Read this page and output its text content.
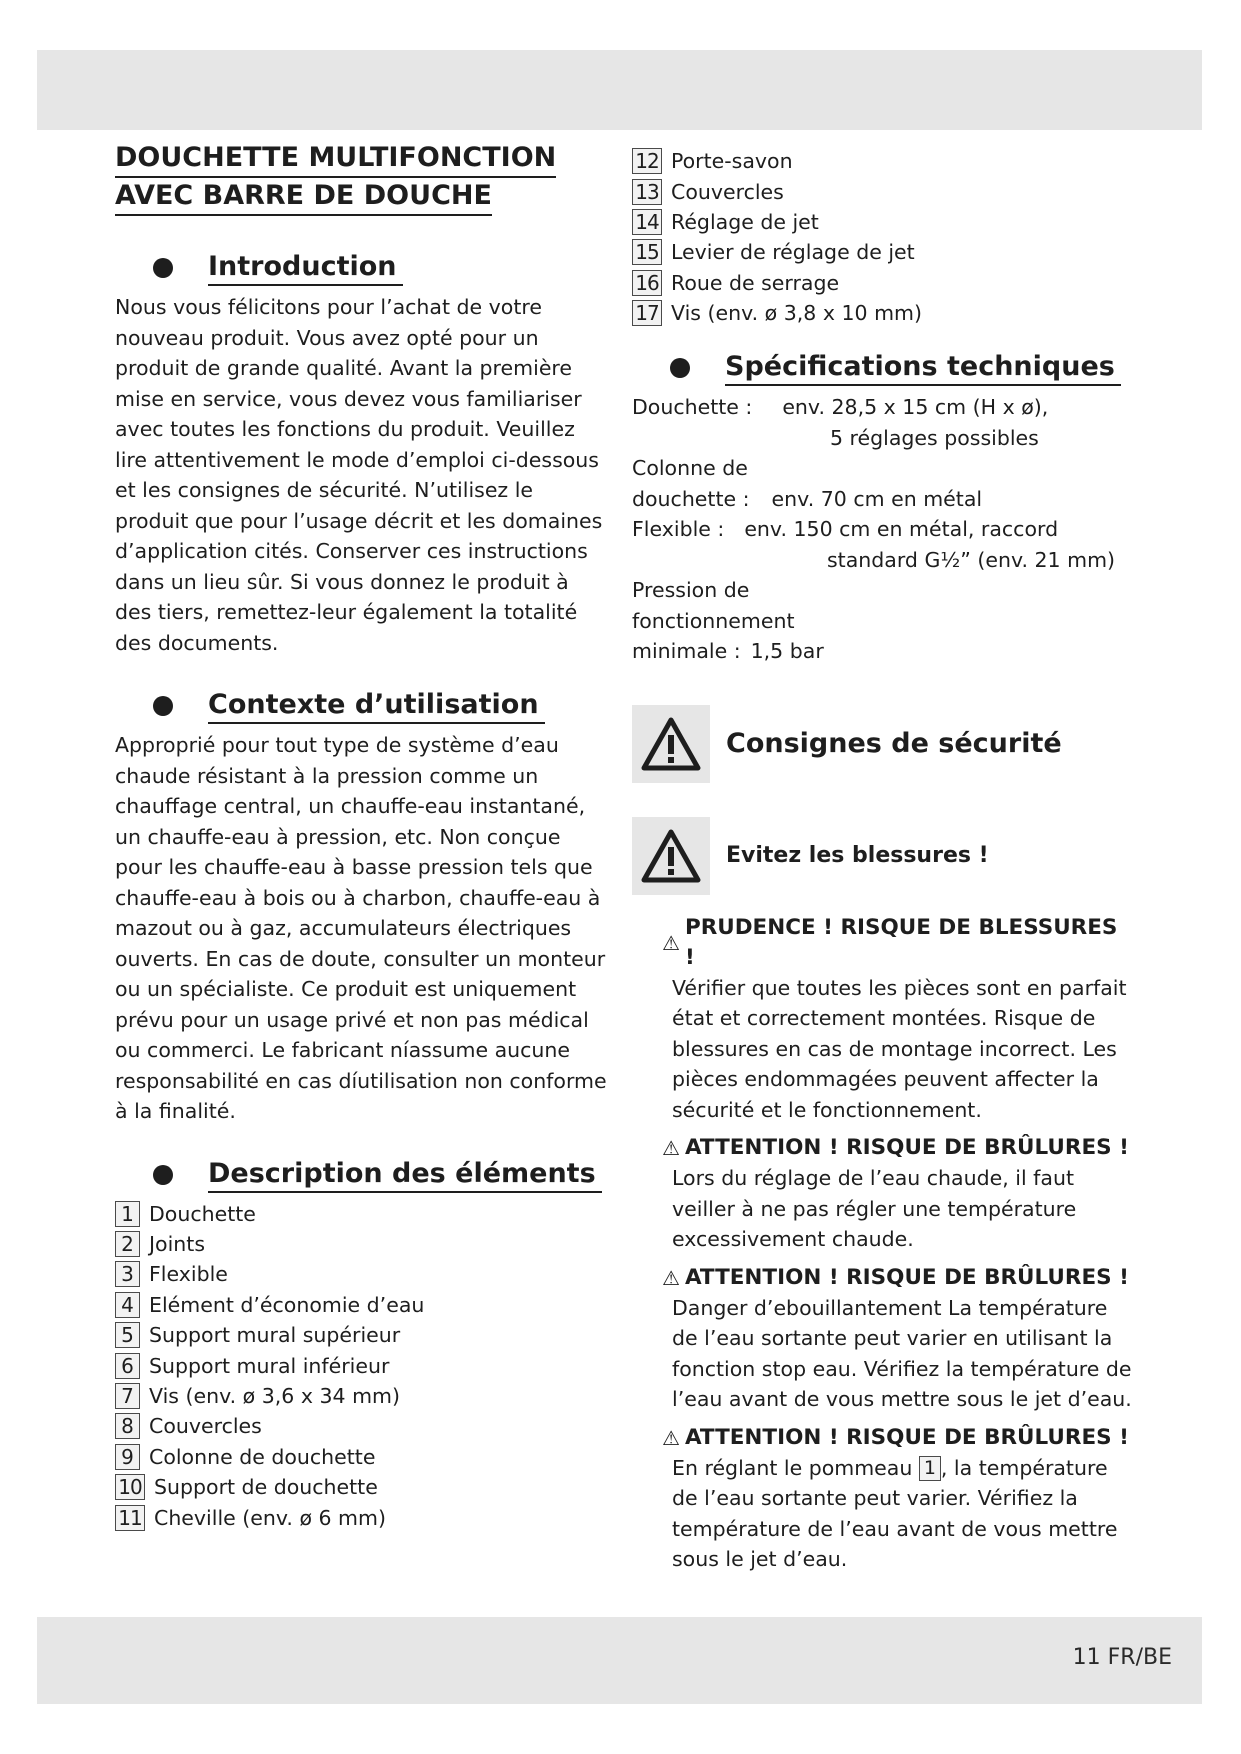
DOUCHETTE MULTIFONCTION
AVEC BARRE DE DOUCHE
Introduction

Nous vous félicitons pour l’achat de votre nouveau produit. Vous avez opté pour un produit de grande qualité. Avant la première mise en service, vous devez vous familiariser avec toutes les fonctions du produit. Veuillez lire attentivement le mode d’emploi ci-dessous et les consignes de sécurité. N’utilisez le produit que pour l’usage décrit et les domaines d’application cités. Conserver ces instructions dans un lieu sûr. Si vous donnez le produit à des tiers, remettez-leur également la totalité des documents.

Contexte d’utilisation

Approprié pour tout type de système d’eau chaude résistant à la pression comme un chauffage central, un chauffe-eau instantané, un chauffe-eau à pression, etc. Non conçue pour les chauffe-eau à basse pression tels que chauffe-eau à bois ou à charbon, chauffe-eau à mazout ou à gaz, accumulateurs électriques ouverts. En cas de doute, consulter un monteur ou un spécialiste. Ce produit est uniquement prévu pour un usage privé et non pas médical ou commerci. Le fabricant níassume aucune responsabilité en cas díutilisation non conforme à la finalité.

Description des éléments
1 Douchette
2 Joints
3 Flexible
4 Elément d’économie d’eau
5 Support mural supérieur
6 Support mural inférieur
7 Vis (env. ø 3,6 x 34 mm)
8 Couvercles
9 Colonne de douchette
10 Support de douchette
11 Cheville (env. ø 6 mm)
12 Porte-savon
13 Couvercles
14 Réglage de jet
15 Levier de réglage de jet
16 Roue de serrage
17 Vis (env. ø 3,8 x 10 mm)
Spécifications techniques
Douchette : env. 28,5 x 15 cm (H x ø),
5 réglages possibles
Colonne de
douchette : env. 70 cm en métal
Flexible : env. 150 cm en métal, raccord
standard G½” (env. 21 mm)
Pression de
fonctionnement
minimale : 1,5 bar
Consignes de sécurité
Evitez les blessures !
⚠
PRUDENCE ! RISQUE DE BLESSURES !

Vérifier que toutes les pièces sont en parfait état et correctement montées. Risque de blessures en cas de montage incorrect. Les pièces endommagées peuvent affecter la sécurité et le fonctionnement.

⚠ ATTENTION ! RISQUE DE BRÛLURES !

Lors du réglage de l’eau chaude, il faut veiller à ne pas régler une température excessivement chaude.

⚠ ATTENTION ! RISQUE DE BRÛLURES !

Danger d’ebouillantement La température de l’eau sortante peut varier en utilisant la fonction stop eau. Vérifiez la température de l’eau avant de vous mettre sous le jet d’eau.

⚠ ATTENTION ! RISQUE DE BRÛLURES !

En réglant le pommeau 1 , la température de l’eau sortante peut varier. Vérifiez la température de l’eau avant de vous mettre sous le jet d’eau.

11 FR/BE
